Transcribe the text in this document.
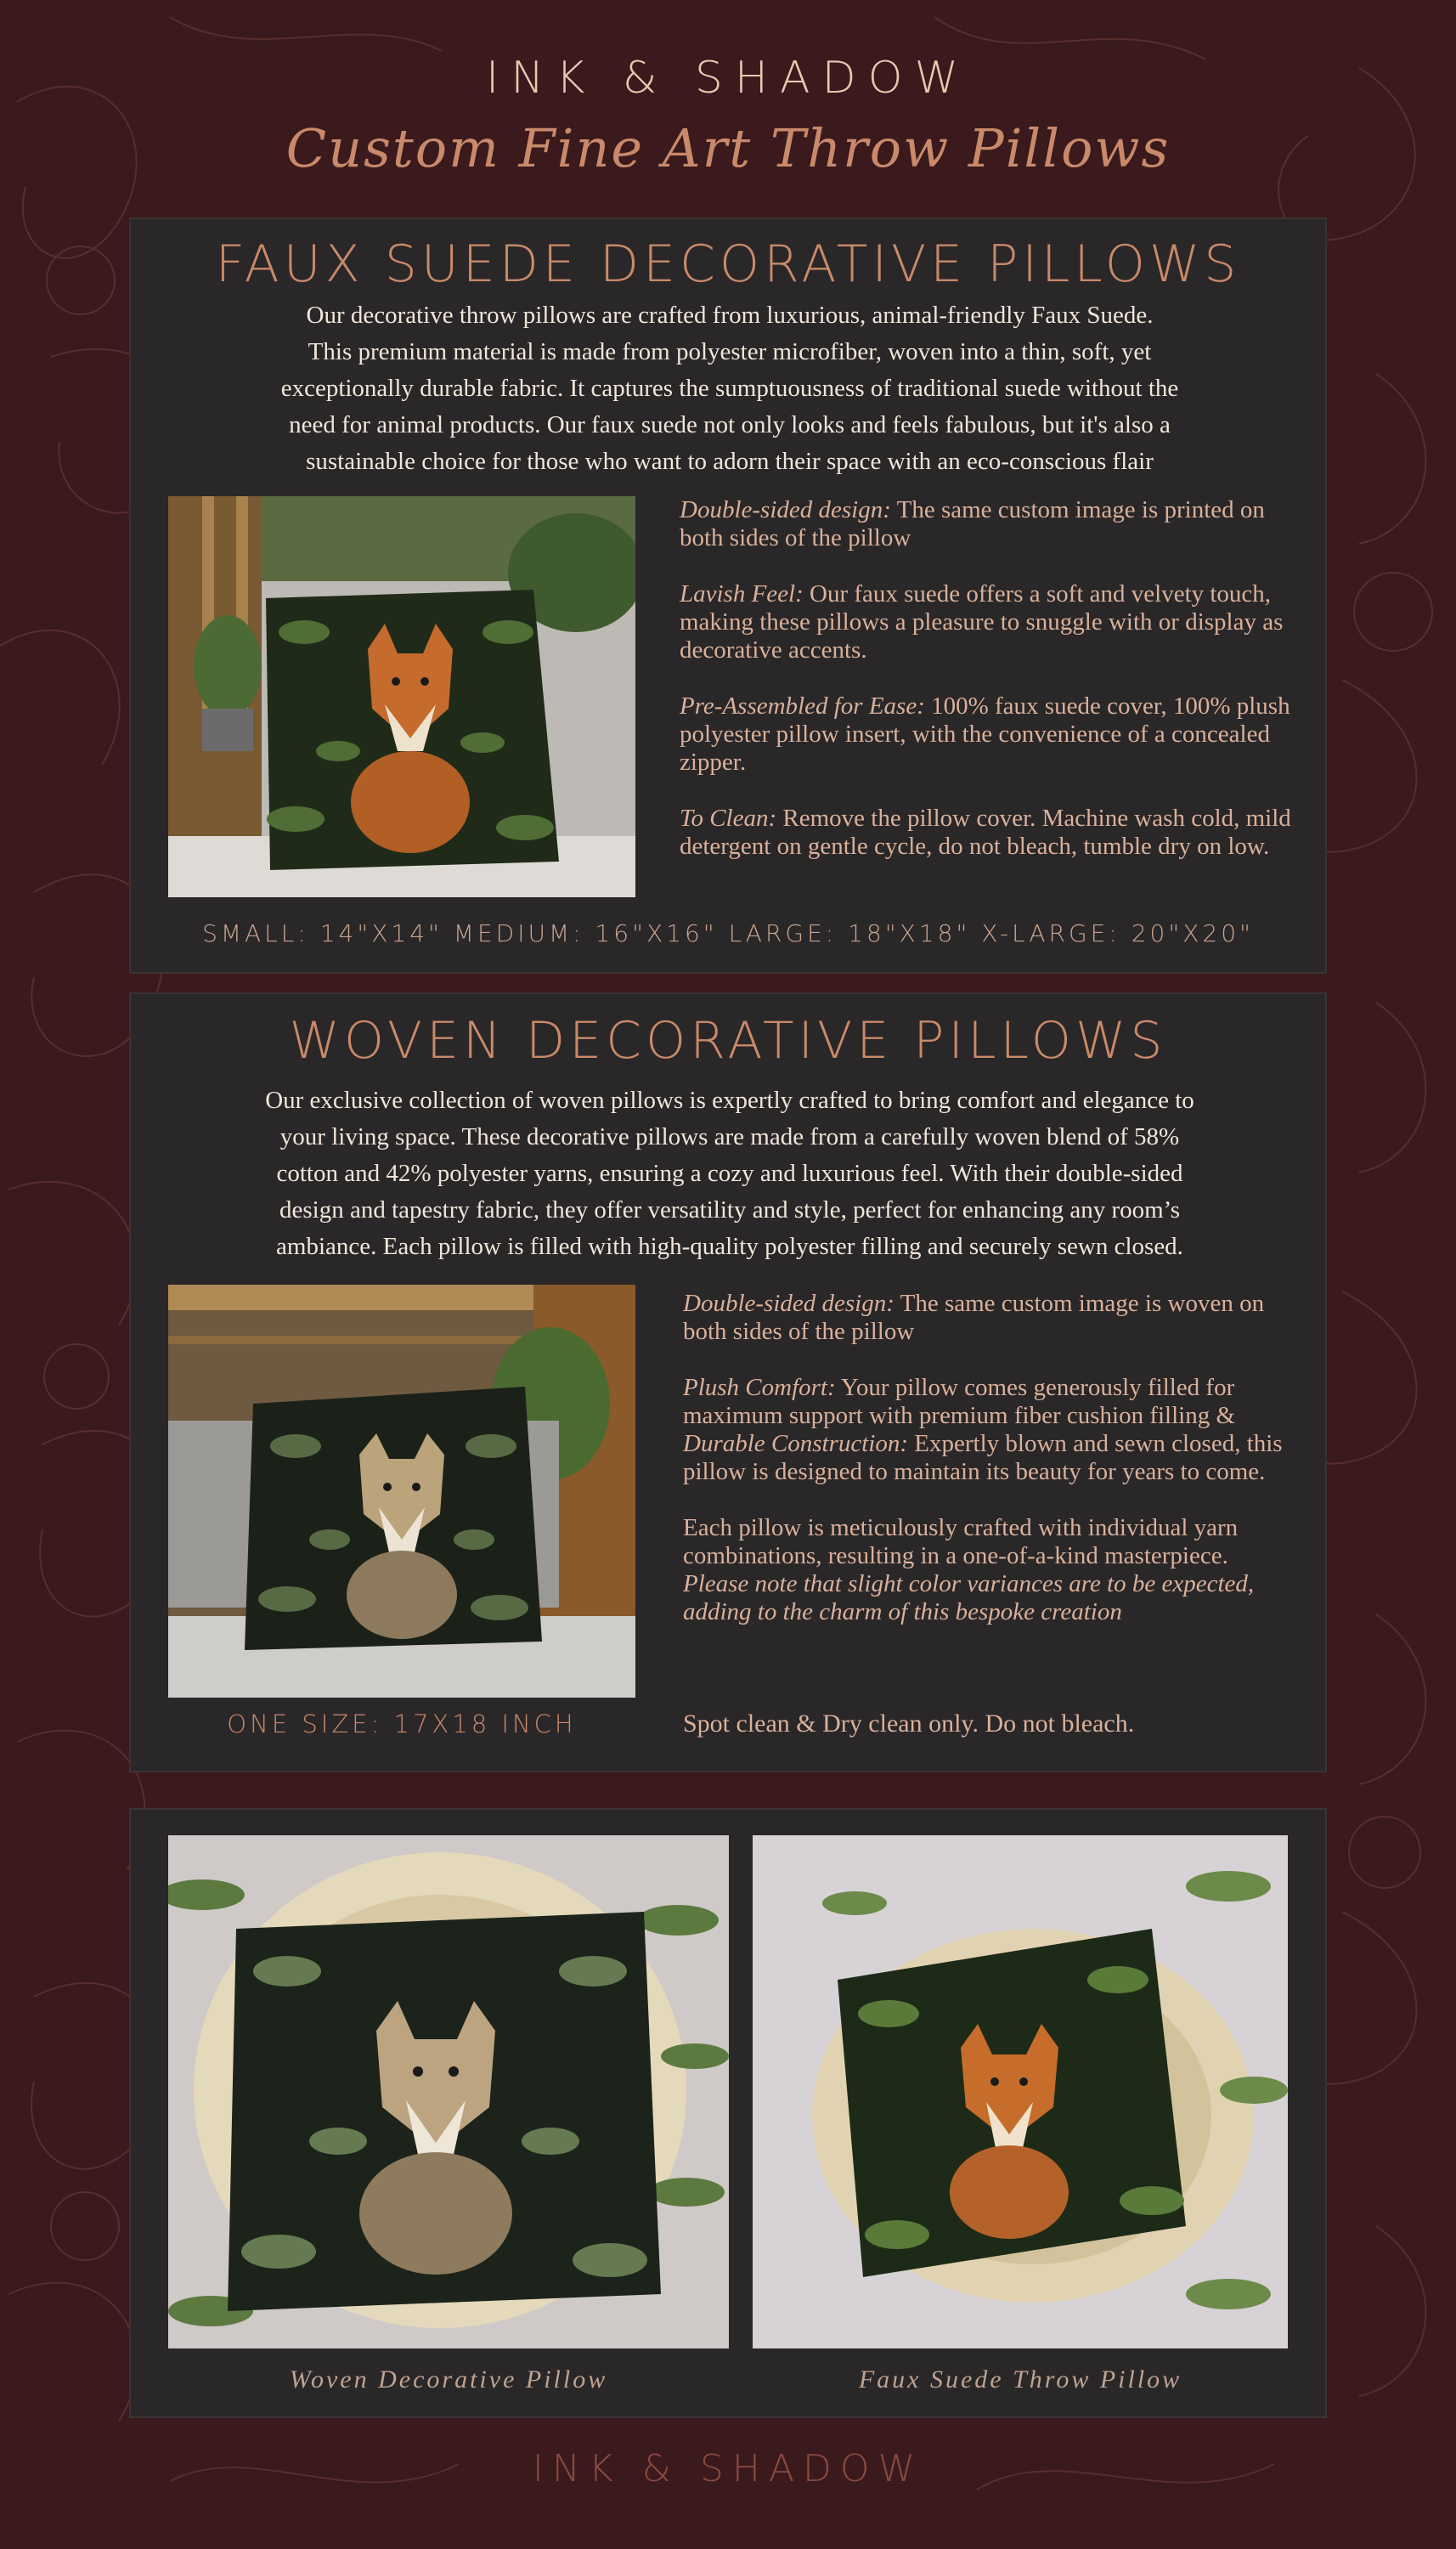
INK & SHADOW
Custom Fine Art Throw Pillows
FAUX SUEDE DECORATIVE PILLOWS
Our decorative throw pillows are crafted from luxurious, animal-friendly Faux Suede.
This premium material is made from polyester microfiber, woven into a thin, soft, yet
exceptionally durable fabric. It captures the sumptuousness of traditional suede without the
need for animal products. Our faux suede not only looks and feels fabulous, but it's also a
sustainable choice for those who want to adorn their space with an eco-conscious flair

Double-sided design: The same custom image is printed on both sides of the pillow

Lavish Feel: Our faux suede offers a soft and velvety touch, making these pillows a pleasure to snuggle with or display as decorative accents.

Pre-Assembled for Ease: 100% faux suede cover, 100% plush polyester pillow insert, with the convenience of a concealed zipper.

To Clean: Remove the pillow cover. Machine wash cold, mild detergent on gentle cycle, do not bleach, tumble dry on low.

SMALL: 14"X14" MEDIUM: 16"X16" LARGE: 18"X18" X-LARGE: 20"X20"
WOVEN DECORATIVE PILLOWS
Our exclusive collection of woven pillows is expertly crafted to bring comfort and elegance to
your living space. These decorative pillows are made from a carefully woven blend of 58%
cotton and 42% polyester yarns, ensuring a cozy and luxurious feel. With their double-sided
design and tapestry fabric, they offer versatility and style, perfect for enhancing any room’s
ambiance. Each pillow is filled with high-quality polyester filling and securely sewn closed.

Double-sided design: The same custom image is woven on both sides of the pillow

Plush Comfort: Your pillow comes generously filled for maximum support with premium fiber cushion filling & Durable Construction: Expertly blown and sewn closed, this pillow is designed to maintain its beauty for years to come.

Each pillow is meticulously crafted with individual yarn combinations, resulting in a one-of-a-kind masterpiece. Please note that slight color variances are to be expected, adding to the charm of this bespoke creation

ONE SIZE: 17X18 INCH	Spot clean & Dry clean only. Do not bleach.
Woven Decorative Pillow	Faux Suede Throw Pillow
INK & SHADOW
